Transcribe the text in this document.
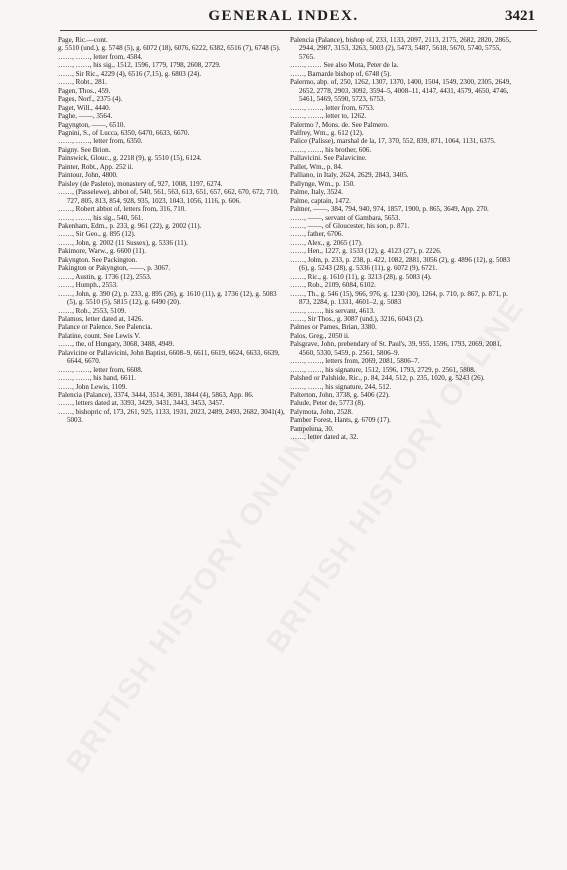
GENERAL INDEX.	3421
Page, Ric.—cont.
g. 5510 (und.), g. 5748 (5), g. 6072 (18), 6076, 6222, 6382, 6516 (7), 6748 (5).
……, ……, letter from, 4584.
……, ……, his sig., 1512, 1596, 1779, 1798, 2608, 2729.
……, Sir Ric., 4229 (4), 6516 (7,15), g. 6803 (24).
……, Robt., 281.
Pagen, Thos., 459.
Pages, Norf., 2375 (4).
Paget, Will., 4440.
Paghe, ——, 3564.
Pagyngton, ——, 6510.
Pagnini, S., of Lucca, 6350, 6470, 6633, 6670.
……, ……, letter from, 6350.
Paigny. See Brion.
Painswick, Glouc., g. 2218 (9), g. 5510 (15), 6124.
Painter, Robt., App. 252 ii.
Paintour, John, 4800.
Paisley (de Pasleto), monastery of, 927, 1008, 1197, 6274.
……, (Passelewe), abbot of, 540, 561, 563, 613, 651, 657, 662, 670, 672, 710, 727, 805, 813, 854, 928, 935, 1023, 1043, 1056, 1116, p. 606.
……, Robert abbot of, letters from, 316, 710.
……, ……, his sig., 540, 561.
Pakenham, Edm., p. 233, g. 961 (22), g. 2002 (11).
……, Sir Geo., g. 895 (12).
……, John, g. 2002 (11 Sussex), g. 5336 (11).
Pakimore, Warw., g. 6600 (11).
Pakyngton. See Packington.
Pakington or Pakyngton, ——, p. 3067.
……, Austin, g. 1736 (12), 2553.
……, Humph., 2553.
……, John, g. 390 (2), p. 233, g. 895 (26), g. 1610 (11), g. 1736 (12), g. 5083 (5), g. 5510 (5), 5815 (12), g. 6490 (20).
……, Rob., 2553, 5109.
Palamos, letter dated at, 1426.
Palance or Palence. See Palencia.
Palatine, count. See Lewis V.
……, the, of Hungary, 3068, 3488, 4949.
Palavicine or Pallavicini, John Baptist, 6608–9, 6611, 6619, 6624, 6633, 6639, 6644, 6670.
……, ……, letter from, 6608.
……, ……, his hand, 6611.
……, John Lewis, 1109.
Palencia (Palance), 3374, 3444, 3514, 3691, 3844 (4), 5863, App. 86.
……, letters dated at, 3393, 3429, 3431, 3443, 3453, 3457.
……, bishopric of, 173, 261, 925, 1133, 1931, 2023, 2489, 2493, 2682, 3041(4), 5003.
Palencia (Palance), bishop of, 233, 1133, 2097, 2113, 2175, 2682, 2820, 2865, 2944, 2987, 3153, 3263, 5003 (2), 5473, 5487, 5618, 5670, 5740, 5755, 5765.
……, …… See also Mota, Peter de la.
……, Barnarde bishop of, 6748 (5).
Palermo, abp. of, 250, 1262, 1307, 1370, 1400, 1504, 1549, 2300, 2305, 2649, 2652, 2778, 2903, 3092, 3594–5, 4008–11, 4147, 4431, 4579, 4650, 4746, 5461, 5469, 5590, 5723, 6753.
……, ……, letter from, 6753.
……, ……, letter to, 1262.
Palermo ?, Mons. de. See Palmero.
Palfrey, Wm., g. 612 (12).
Palice (Palisse), marshal de la, 17, 370, 552, 839, 871, 1064, 1131, 6375.
……, ……, his brother, 606.
Pallavicini. See Palavicine.
Pallet, Wm., p. 84.
Palliano, in Italy, 2624, 2629, 2843, 3405.
Pallynge, Wm., p. 150.
Palme, Italy, 3524.
Palme, captain, 1472.
Palmer, ——, 384, 794, 940, 974, 1857, 1900, p. 865, 3649, App. 270.
……, ——, servant of Gambara, 5653.
……, ——, of Gloucester, his son, p. 871.
……, father, 6706.
……, Alex., g. 2065 (17).
……, Hen., 1227, g. 1533 (12), g. 4123 (27), p. 2226.
……, John, p. 233, p. 238, p. 422, 1082, 2881, 3056 (2), g. 4896 (12), g. 5083 (6), g. 5243 (28), g. 5336 (11), g. 6072 (9), 6721.
……, Ric., g. 1610 (11), g. 3213 (28), g. 5083 (4).
……, Rob., 2109, 6084, 6102.
……, Th., g. 546 (15), 966, 976, g. 1230 (30), 1264, p. 710, p. 867, p. 871, p. 873, 2284, p. 1331, 4601–2, g. 5083
……, ……, his servant, 4613.
……, Sir Thos., g. 3087 (und.), 3216, 6043 (2).
Palmes or Pames, Brian, 3380.
Palos, Greg., 2050 ii.
Palsgrave, John, prebendary of St. Paul's, 39, 955, 1596, 1793, 2069, 2081, 4560, 5330, 5459, p. 2561, 5806–9.
……, ……, letters from, 2069, 2081, 5806–7.
……, ……, his signature, 1512, 1596, 1793, 2729, p. 2561, 5808.
Palshed or Palshide, Ric., p. 84, 244, 512, p. 235, 1020, g. 5243 (26).
……, ……, his signature, 244, 512.
Palterton, John, 3738, g. 5406 (22).
Palude, Peter de, 5773 (8).
Palymota, John, 2528.
Pamber Forest, Hants, g. 6709 (17).
Pampeluna, 30.
……, letter dated at, 32.
